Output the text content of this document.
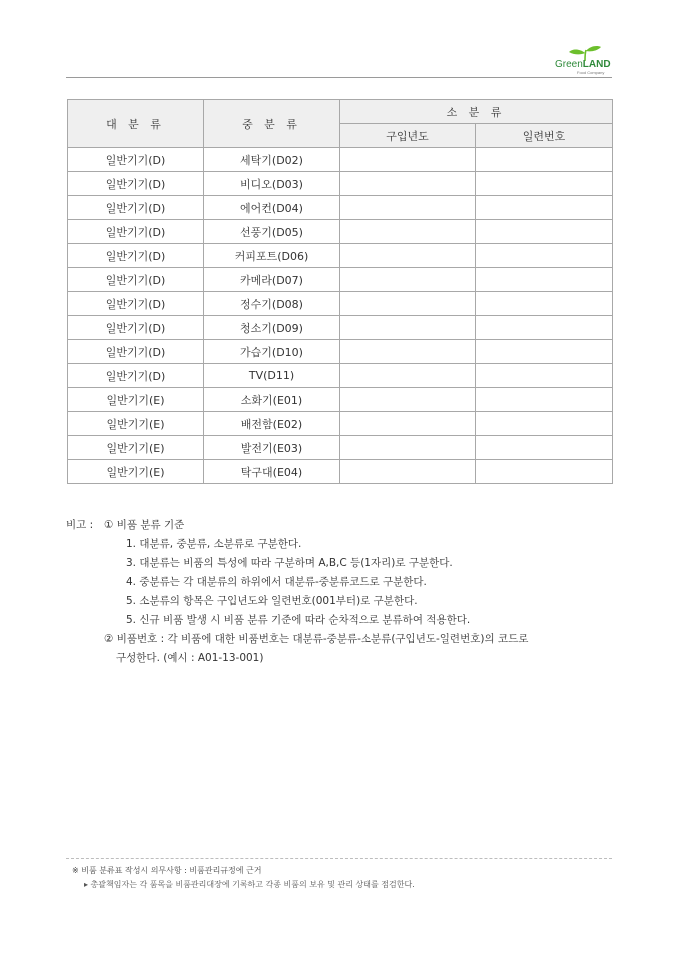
GreenLAND
Food Company
대 분 류	중 분 류	소 분 류	
		구입년도	일련번호
일반기기(D)	세탁기(D02)		
일반기기(D)	비디오(D03)		
일반기기(D)	에어컨(D04)		
일반기기(D)	선풍기(D05)		
일반기기(D)	커피포트(D06)		
일반기기(D)	카메라(D07)		
일반기기(D)	정수기(D08)		
일반기기(D)	청소기(D09)		
일반기기(D)	가습기(D10)		
일반기기(D)	TV(D11)		
일반기기(E)	소화기(E01)		
일반기기(E)	배전함(E02)		
일반기기(E)	발전기(E03)		
일반기기(E)	탁구대(E04)		
비고 : ① 비품 분류 기준
1. 대분류, 중분류, 소분류로 구분한다.
3. 대분류는 비품의 특성에 따라 구분하며 A,B,C 등(1자리)로 구분한다.
4. 중분류는 각 대분류의 하위에서 대분류-중분류코드로 구분한다.
5. 소분류의 항목은 구입년도와 일련번호(001부터)로 구분한다.
5. 신규 비품 발생 시 비품 분류 기준에 따라 순차적으로 분류하여 적용한다.
② 비품번호 : 각 비품에 대한 비품번호는 대분류-중분류-소분류(구입년도-일련번호)의 코드로
구성한다. (예시 : A01-13-001)
※ 비품 분류표 작성시 의무사항 : 비품관리규정에 근거
▸ 총괄책임자는 각 품목을 비품관리대장에 기록하고 각종 비품의 보유 및 관리 상태를 점검한다.
